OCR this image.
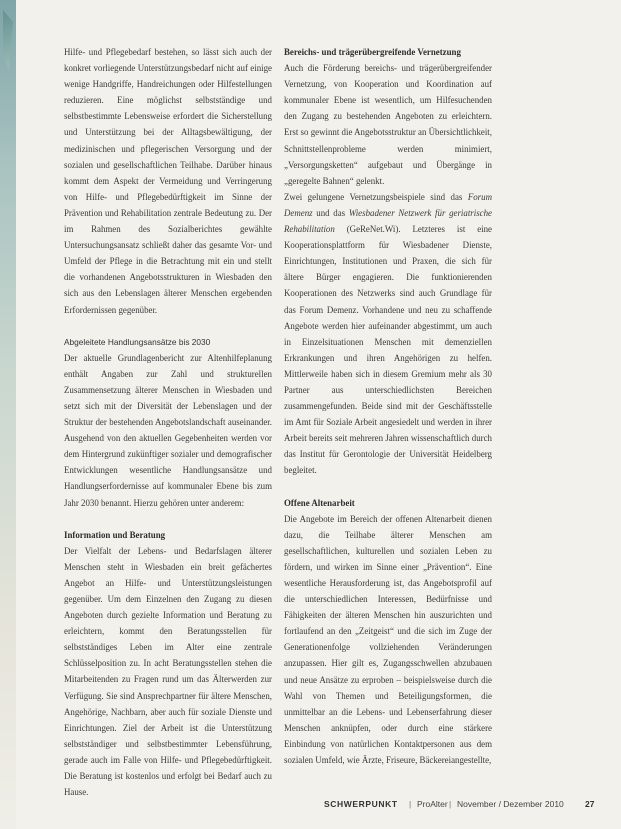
Hilfe- und Pflegebedarf bestehen, so lässt sich auch der konkret vorliegende Unterstützungsbedarf nicht auf einige wenige Handgriffe, Handreichungen oder Hilfestellungen reduzieren. Eine möglichst selbstständige und selbstbestimmte Lebensweise erfordert die Sicherstellung und Unterstützung bei der Alltagsbewältigung, der medizinischen und pflegerischen Versorgung und der sozialen und gesellschaftlichen Teilhabe. Darüber hinaus kommt dem Aspekt der Vermeidung und Verringerung von Hilfe- und Pflegebedürftigkeit im Sinne der Prävention und Rehabilitation zentrale Bedeutung zu. Der im Rahmen des Sozialberichtes gewählte Untersuchungsansatz schließt daher das gesamte Vor- und Umfeld der Pflege in die Betrachtung mit ein und stellt die vorhandenen Angebotsstrukturen in Wiesbaden den sich aus den Lebenslagen älterer Menschen ergebenden Erfordernissen gegenüber.

Abgeleitete Handlungsansätze bis 2030

Der aktuelle Grundlagenbericht zur Altenhilfeplanung enthält Angaben zur Zahl und strukturellen Zusammensetzung älterer Menschen in Wiesbaden und setzt sich mit der Diversität der Lebenslagen und der Struktur der bestehenden Angebotslandschaft auseinander. Ausgehend von den aktuellen Gegebenheiten werden vor dem Hintergrund zukünftiger sozialer und demografischer Entwicklungen wesentliche Handlungsansätze und Handlungserfordernisse auf kommunaler Ebene bis zum Jahr 2030 benannt. Hierzu gehören unter anderem:

Information und Beratung

Der Vielfalt der Lebens- und Bedarfslagen älterer Menschen steht in Wiesbaden ein breit gefächertes Angebot an Hilfe- und Unterstützungsleistungen gegenüber. Um dem Einzelnen den Zugang zu diesen Angeboten durch gezielte Information und Beratung zu erleichtern, kommt den Beratungsstellen für selbstständiges Leben im Alter eine zentrale Schlüsselposition zu. In acht Beratungsstellen stehen die Mitarbeitenden zu Fragen rund um das Älterwerden zur Verfügung. Sie sind Ansprechpartner für ältere Menschen, Angehörige, Nachbarn, aber auch für soziale Dienste und Einrichtungen. Ziel der Arbeit ist die Unterstützung selbstständiger und selbstbestimmter Lebensführung, gerade auch im Falle von Hilfe- und Pflegebedürftigkeit. Die Beratung ist kostenlos und erfolgt bei Bedarf auch zu Hause.

Bereichs- und trägerübergreifende Vernetzung

Auch die Förderung bereichs- und trägerübergreifender Vernetzung, von Kooperation und Koordination auf kommunaler Ebene ist wesentlich, um Hilfesuchenden den Zugang zu bestehenden Angeboten zu erleichtern. Erst so gewinnt die Angebotsstruktur an Übersichtlichkeit, Schnittstellenprobleme werden minimiert, „Versorgungsketten“ aufgebaut und Übergänge in „geregelte Bahnen“ gelenkt.

Zwei gelungene Vernetzungsbeispiele sind das Forum Demenz und das Wiesbadener Netzwerk für geriatrische Rehabilitation (GeReNet.Wi). Letzteres ist eine Kooperationsplattform für Wiesbadener Dienste, Einrichtungen, Institutionen und Praxen, die sich für ältere Bürger engagieren. Die funktionierenden Kooperationen des Netzwerks sind auch Grundlage für das Forum Demenz. Vorhandene und neu zu schaffende Angebote werden hier aufeinander abgestimmt, um auch in Einzelsituationen Menschen mit demenziellen Erkrankungen und ihren Angehörigen zu helfen. Mittlerweile haben sich in diesem Gremium mehr als 30 Partner aus unterschiedlichsten Bereichen zusammengefunden. Beide sind mit der Geschäftsstelle im Amt für Soziale Arbeit angesiedelt und werden in ihrer Arbeit bereits seit mehreren Jahren wissenschaftlich durch das Institut für Gerontologie der Universität Heidelberg begleitet.

Offene Altenarbeit

Die Angebote im Bereich der offenen Altenarbeit dienen dazu, die Teilhabe älterer Menschen am gesellschaftlichen, kulturellen und sozialen Leben zu fördern, und wirken im Sinne einer „Prävention“. Eine wesentliche Herausforderung ist, das Angebotsprofil auf die unterschiedlichen Interessen, Bedürfnisse und Fähigkeiten der älteren Menschen hin auszurichten und fortlaufend an den „Zeitgeist“ und die sich im Zuge der Generationenfolge vollziehenden Veränderungen anzupassen. Hier gilt es, Zugangsschwellen abzubauen und neue Ansätze zu erproben – beispielsweise durch die Wahl von Themen und Beteiligungsformen, die unmittelbar an die Lebens- und Lebenserfahrung dieser Menschen anknüpfen, oder durch eine stärkere Einbindung von natürlichen Kontaktpersonen aus dem sozialen Umfeld, wie Ärzte, Friseure, Bäckereiangestellte,

SCHWERPUNKT | ProAlter | November / Dezember 2010 27
